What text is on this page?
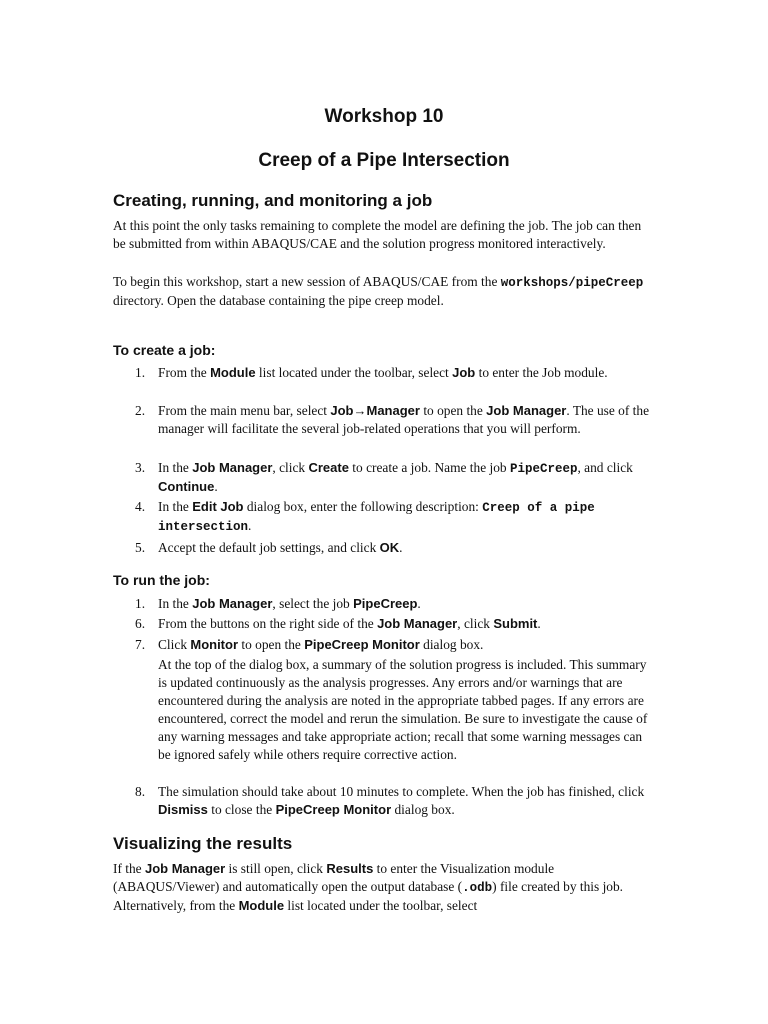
Workshop 10
Creep of a Pipe Intersection
Creating, running, and monitoring a job

At this point the only tasks remaining to complete the model are defining the job. The job can then be submitted from within ABAQUS/CAE and the solution progress monitored interactively.

To begin this workshop, start a new session of ABAQUS/CAE from the workshops/pipeCreep directory. Open the database containing the pipe creep model.

To create a job:
1. From the Module list located under the toolbar, select Job to enter the Job module.
2. From the main menu bar, select Job→Manager to open the Job Manager. The use of the manager will facilitate the several job-related operations that you will perform.
3. In the Job Manager, click Create to create a job. Name the job PipeCreep, and click Continue.
4. In the Edit Job dialog box, enter the following description: Creep of a pipe intersection.
5. Accept the default job settings, and click OK.
To run the job:
1. In the Job Manager, select the job PipeCreep.
6. From the buttons on the right side of the Job Manager, click Submit.
7. Click Monitor to open the PipeCreep Monitor dialog box.
At the top of the dialog box, a summary of the solution progress is included. This summary is updated continuously as the analysis progresses. Any errors and/or warnings that are encountered during the analysis are noted in the appropriate tabbed pages. If any errors are encountered, correct the model and rerun the simulation. Be sure to investigate the cause of any warning messages and take appropriate action; recall that some warning messages can be ignored safely while others require corrective action.
8. The simulation should take about 10 minutes to complete. When the job has finished, click Dismiss to close the PipeCreep Monitor dialog box.
Visualizing the results

If the Job Manager is still open, click Results to enter the Visualization module (ABAQUS/Viewer) and automatically open the output database (.odb) file created by this job. Alternatively, from the Module list located under the toolbar, select
